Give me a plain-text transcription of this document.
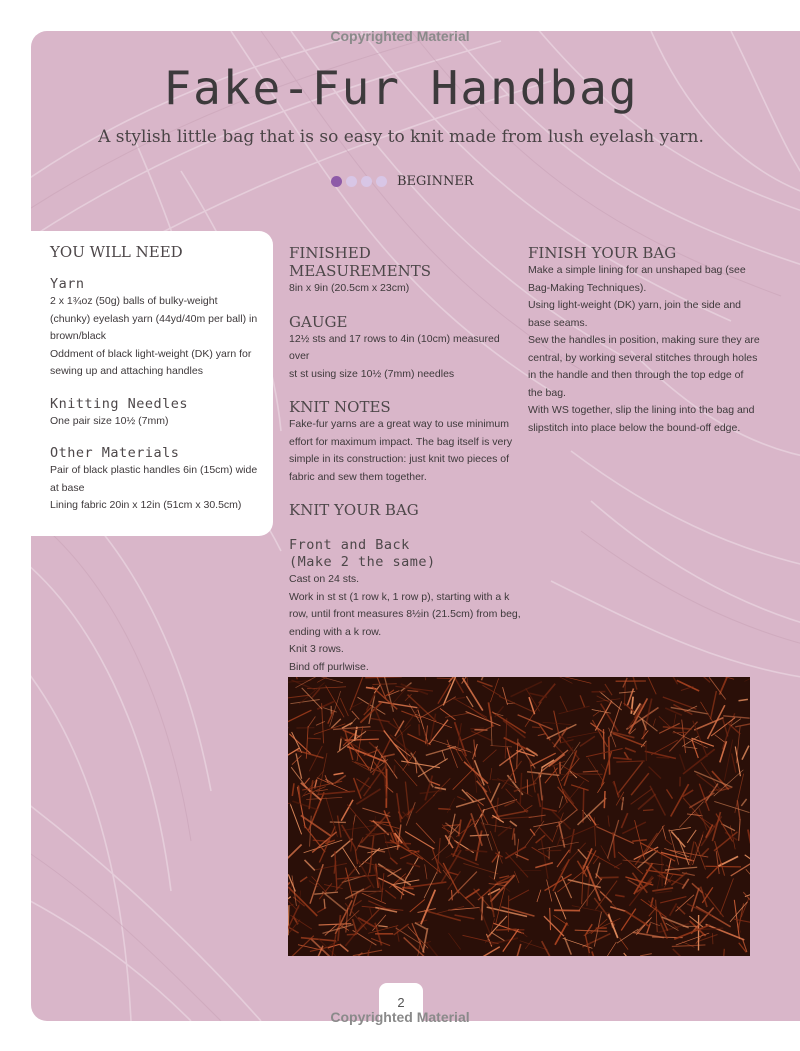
Copyrighted Material
Copyrighted Material
Fake-Fur Handbag
A stylish little bag that is so easy to knit made from lush eyelash yarn.
BEGINNER
YOU WILL NEED
Yarn
2 x 1¾oz (50g) balls of bulky-weight
(chunky) eyelash yarn (44yd/40m per ball) in
brown/black
Oddment of black light-weight (DK) yarn for
sewing up and attaching handles
Knitting Needles
One pair size 10½ (7mm)
Other Materials
Pair of black plastic handles 6in (15cm) wide
at base
Lining fabric 20in x 12in (51cm x 30.5cm)
FINISHED
MEASUREMENTS
8in x 9in (20.5cm x 23cm)
GAUGE
12½ sts and 17 rows to 4in (10cm) measured over
st st using size 10½ (7mm) needles
KNIT NOTES
Fake-fur yarns are a great way to use minimum
effort for maximum impact. The bag itself is very
simple in its construction: just knit two pieces of
fabric and sew them together.
KNIT YOUR BAG
Front and Back
(Make 2 the same)
Cast on 24 sts.
Work in st st (1 row k, 1 row p), starting with a k
row, until front measures 8½in (21.5cm) from beg,
ending with a k row.
Knit 3 rows.
Bind off purlwise.
FINISH YOUR BAG
Make a simple lining for an unshaped bag (see
Bag-Making Techniques).
Using light-weight (DK) yarn, join the side and
base seams.
Sew the handles in position, making sure they are
central, by working several stitches through holes
in the handle and then through the top edge of
the bag.
With WS together, slip the lining into the bag and
slipstitch into place below the bound-off edge.
2
